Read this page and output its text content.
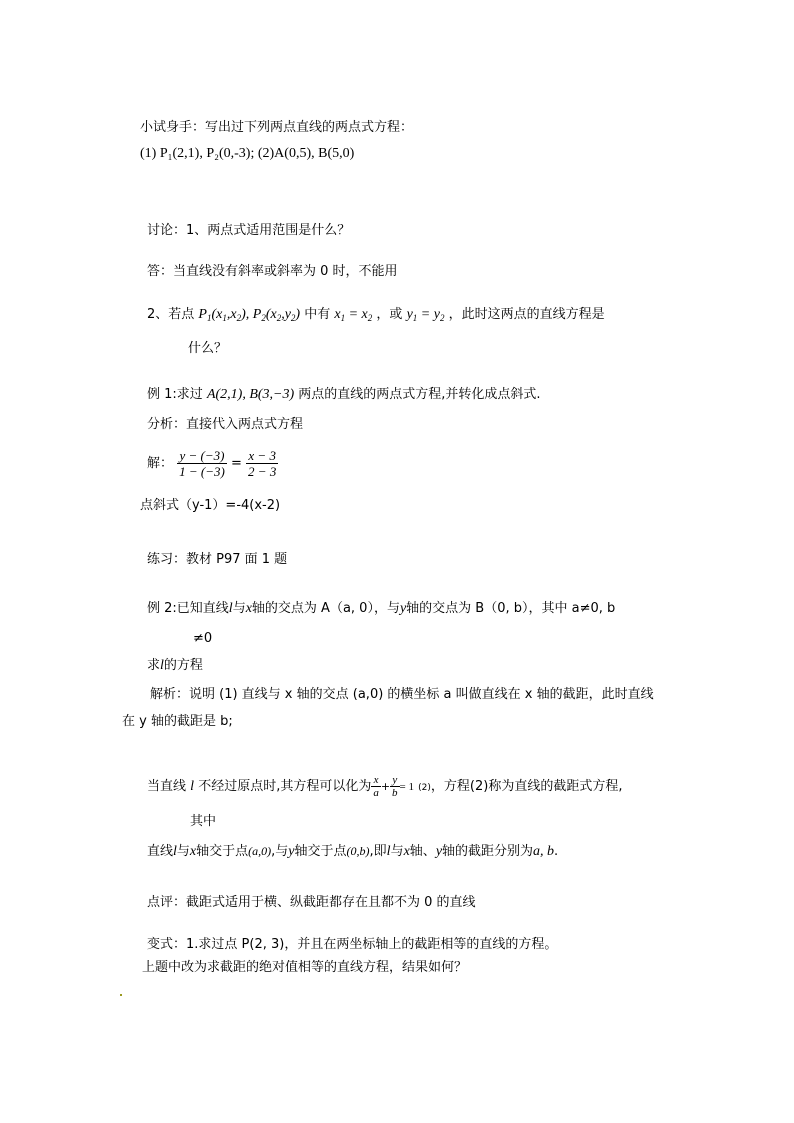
小试身手：写出过下列两点直线的两点式方程：
(1) P₁(2,1), P₂(0,-3); (2)A(0,5), B(5,0)
讨论：1、两点式适用范围是什么？
答：当直线没有斜率或斜率为 0 时，不能用
2、若点 $P_1(x_1,x_2)$, $P_2(x_2,y_2)$ 中有 $x_1 = x_2$ ，或 $y_1 = y_2$ ，此时这两点的直线方程是
什么？
例 1:求过 A(2,1), B(3,−3) 两点的直线的两点式方程,并转化成点斜式.
分析：直接代入两点式方程
解： $\frac{y - (-3)}{1 - (-3)} = \frac{x - 3}{2 - 3}$
点斜式（y-1）=-4(x-2)
练习：教材 P97 面 1 题
例 2:已知直线l与x轴的交点为 A（a, 0），与y轴的交点为 B（0, b），其中 a≠0, b
≠0
求l的方程
解析：说明 (1) 直线与 x 轴的交点 (a,0) 的横坐标 a 叫做直线在 x 轴的截距，此时直线
在 y 轴的截距是 b;
当直线 l 不经过原点时,其方程可以化为 $\frac{x}{a} + \frac{y}{b} = 1$ (2)，方程(2)称为直线的截距式方程,
其中
直线l与x轴交于点(a,0),与y轴交于点(0,b),即l与x轴、y轴的截距分别为a, b.
点评：截距式适用于横、纵截距都存在且都不为 0 的直线
变式：1.求过点 P(2, 3)，并且在两坐标轴上的截距相等的直线的方程。
上题中改为求截距的绝对值相等的直线方程，结果如何？
